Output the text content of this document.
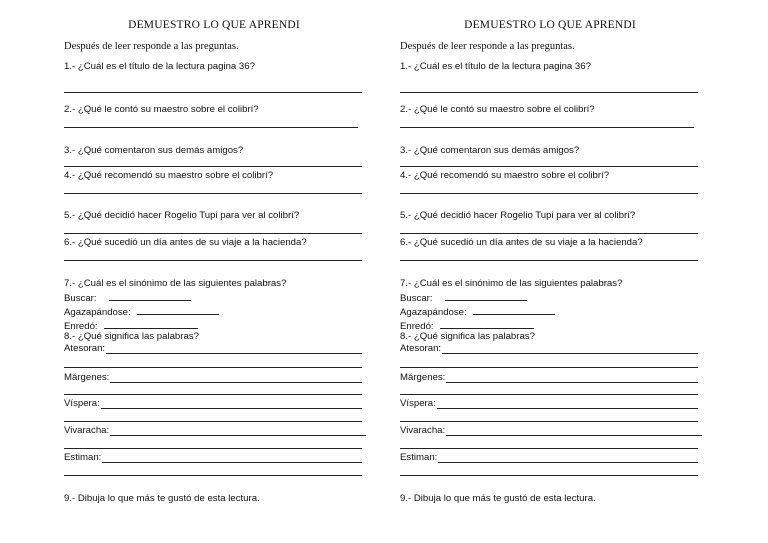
DEMUESTRO LO QUE APRENDI
Después de leer responde a las preguntas.
1.- ¿Cuál es el título de la lectura pagina 36?
2.- ¿Qué le contó su maestro sobre el colibrí?
3.- ¿Qué comentaron sus demás amigos?
4.- ¿Qué recomendó su maestro sobre el colibrí?
5.- ¿Qué decidió hacer Rogelio Tupi para ver al colibrí?
6.- ¿Qué sucedió un día antes de su viaje a la hacienda?
7.- ¿Cuál es el sinónimo de las siguientes palabras?
Buscar:
Agazapándose:
Enredó:
8.- ¿Qué significa las palabras?
Atesoran:
Márgenes:
Víspera:
Vivaracha:
Estiman:
9.- Dibuja lo que más te gustó de esta lectura.
DEMUESTRO LO QUE APRENDI
Después de leer responde a las preguntas.
1.- ¿Cuál es el título de la lectura pagina 36?
2.- ¿Qué le contó su maestro sobre el colibrí?
3.- ¿Qué comentaron sus demás amigos?
4.- ¿Qué recomendó su maestro sobre el colibrí?
5.- ¿Qué decidió hacer Rogelio Tupi para ver al colibrí?
6.- ¿Qué sucedió un día antes de su viaje a la hacienda?
7.- ¿Cuál es el sinónimo de las siguientes palabras?
Buscar:
Agazapándose:
Enredó:
8.- ¿Qué significa las palabras?
Atesoran:
Márgenes:
Víspera:
Vivaracha:
Estiman:
9.- Dibuja lo que más te gustó de esta lectura.
